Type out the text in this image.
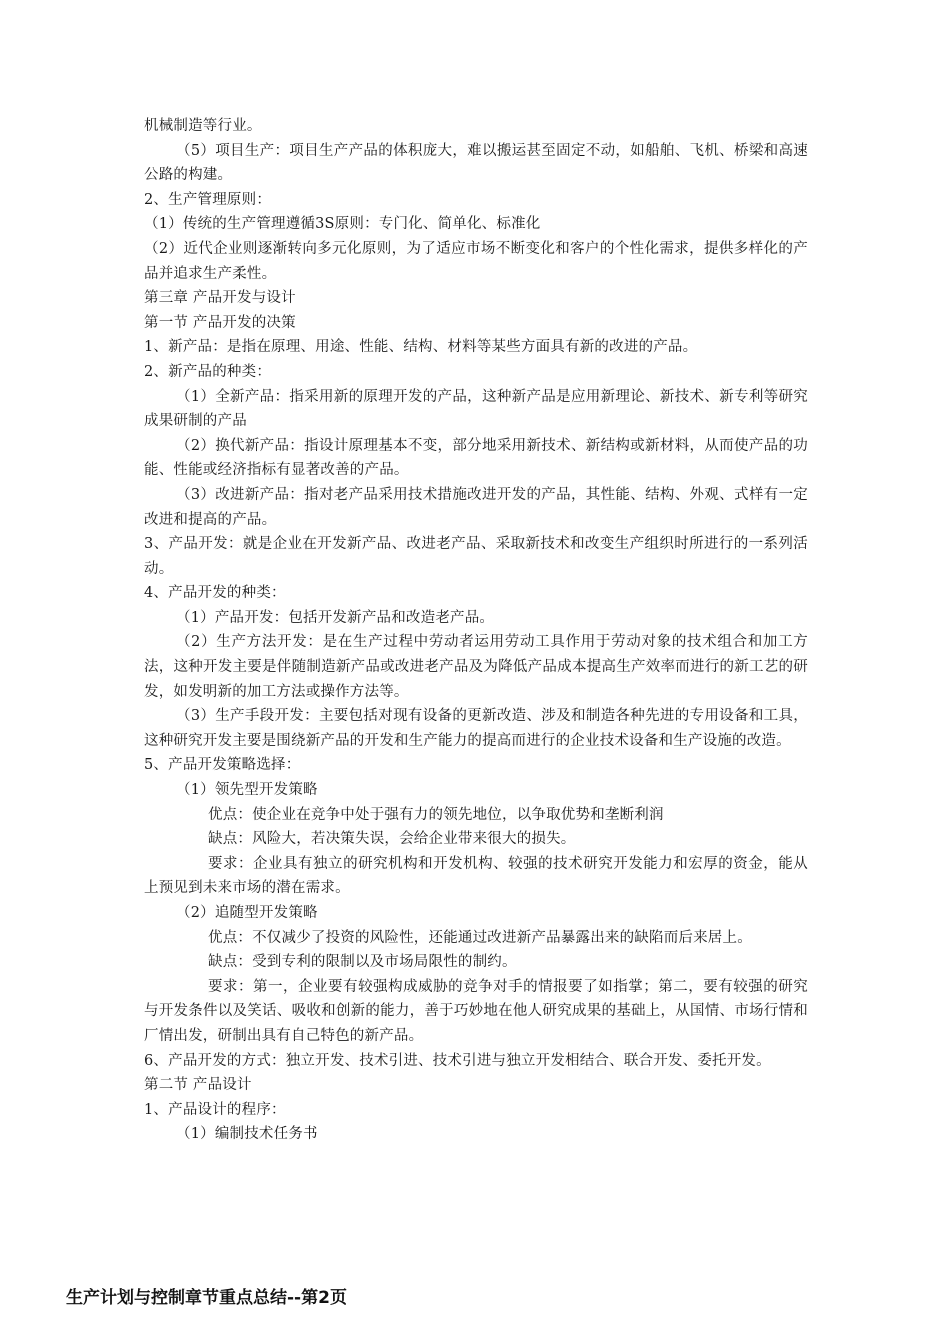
机械制造等行业。

（5）项目生产：项目生产产品的体积庞大，难以搬运甚至固定不动，如船舶、飞机、桥梁和高速公路的构建。

2、生产管理原则：

（1）传统的生产管理遵循3S原则：专门化、简单化、标准化

（2）近代企业则逐渐转向多元化原则，为了适应市场不断变化和客户的个性化需求，提供多样化的产品并追求生产柔性。

第三章 产品开发与设计

第一节 产品开发的决策

1、新产品：是指在原理、用途、性能、结构、材料等某些方面具有新的改进的产品。

2、新产品的种类：

（1）全新产品：指采用新的原理开发的产品，这种新产品是应用新理论、新技术、新专利等研究成果研制的产品

（2）换代新产品：指设计原理基本不变，部分地采用新技术、新结构或新材料，从而使产品的功能、性能或经济指标有显著改善的产品。

（3）改进新产品：指对老产品采用技术措施改进开发的产品，其性能、结构、外观、式样有一定改进和提高的产品。

3、产品开发：就是企业在开发新产品、改进老产品、采取新技术和改变生产组织时所进行的一系列活动。

4、产品开发的种类：

（1）产品开发：包括开发新产品和改造老产品。

（2）生产方法开发：是在生产过程中劳动者运用劳动工具作用于劳动对象的技术组合和加工方法，这种开发主要是伴随制造新产品或改进老产品及为降低产品成本提高生产效率而进行的新工艺的研发，如发明新的加工方法或操作方法等。

（3）生产手段开发：主要包括对现有设备的更新改造、涉及和制造各种先进的专用设备和工具，这种研究开发主要是围绕新产品的开发和生产能力的提高而进行的企业技术设备和生产设施的改造。

5、产品开发策略选择：

（1）领先型开发策略

优点：使企业在竞争中处于强有力的领先地位，以争取优势和垄断利润

缺点：风险大，若决策失误，会给企业带来很大的损失。

要求：企业具有独立的研究机构和开发机构、较强的技术研究开发能力和宏厚的资金，能从上预见到未来市场的潜在需求。

（2）追随型开发策略

优点：不仅减少了投资的风险性，还能通过改进新产品暴露出来的缺陷而后来居上。

缺点：受到专利的限制以及市场局限性的制约。

要求：第一，企业要有较强构成威胁的竞争对手的情报要了如指掌；第二，要有较强的研究与开发条件以及笑话、吸收和创新的能力，善于巧妙地在他人研究成果的基础上，从国情、市场行情和厂情出发，研制出具有自己特色的新产品。

6、产品开发的方式：独立开发、技术引进、技术引进与独立开发相结合、联合开发、委托开发。

第二节 产品设计

1、产品设计的程序：

（1）编制技术任务书

生产计划与控制章节重点总结--第2页
